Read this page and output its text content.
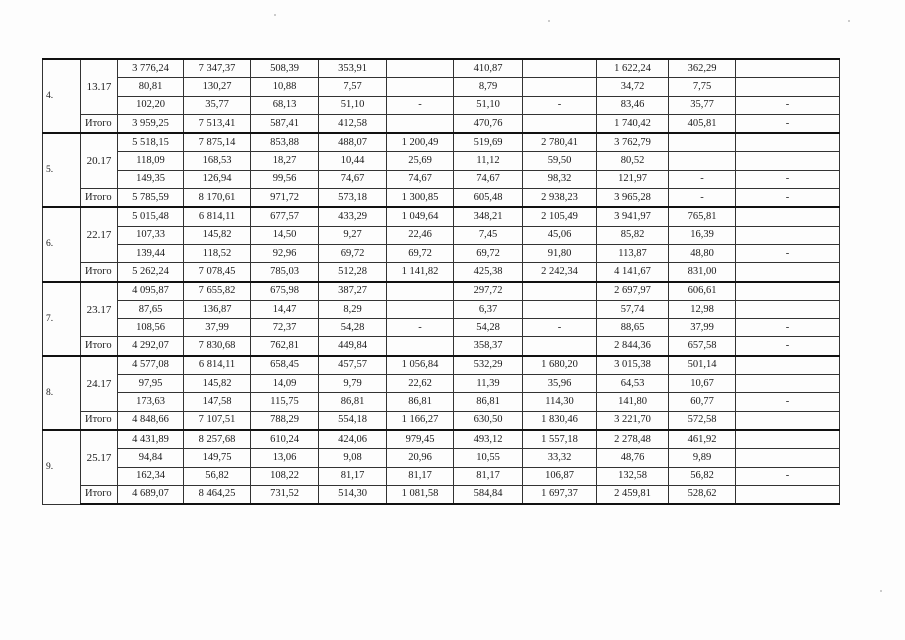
4.	13.17	3 776,24	7 347,37	508,39	353,91		410,87		1 622,24	362,29	
		80,81	130,27	10,88	7,57		8,79		34,72	7,75	
		102,20	35,77	68,13	51,10	-	51,10	-	83,46	35,77	-
	Итого	3 959,25	7 513,41	587,41	412,58		470,76		1 740,42	405,81	-
5.	20.17	5 518,15	7 875,14	853,88	488,07	1 200,49	519,69	2 780,41	3 762,79		
		118,09	168,53	18,27	10,44	25,69	11,12	59,50	80,52		
		149,35	126,94	99,56	74,67	74,67	74,67	98,32	121,97	-	-
	Итого	5 785,59	8 170,61	971,72	573,18	1 300,85	605,48	2 938,23	3 965,28	-	-
6.	22.17	5 015,48	6 814,11	677,57	433,29	1 049,64	348,21	2 105,49	3 941,97	765,81	
		107,33	145,82	14,50	9,27	22,46	7,45	45,06	85,82	16,39	
		139,44	118,52	92,96	69,72	69,72	69,72	91,80	113,87	48,80	-
	Итого	5 262,24	7 078,45	785,03	512,28	1 141,82	425,38	2 242,34	4 141,67	831,00	
7.	23.17	4 095,87	7 655,82	675,98	387,27		297,72		2 697,97	606,61	
		87,65	136,87	14,47	8,29		6,37		57,74	12,98	
		108,56	37,99	72,37	54,28	-	54,28	-	88,65	37,99	-
	Итого	4 292,07	7 830,68	762,81	449,84		358,37		2 844,36	657,58	-
8.	24.17	4 577,08	6 814,11	658,45	457,57	1 056,84	532,29	1 680,20	3 015,38	501,14	
		97,95	145,82	14,09	9,79	22,62	11,39	35,96	64,53	10,67	
		173,63	147,58	115,75	86,81	86,81	86,81	114,30	141,80	60,77	-
	Итого	4 848,66	7 107,51	788,29	554,18	1 166,27	630,50	1 830,46	3 221,70	572,58	
9.	25.17	4 431,89	8 257,68	610,24	424,06	979,45	493,12	1 557,18	2 278,48	461,92	
		94,84	149,75	13,06	9,08	20,96	10,55	33,32	48,76	9,89	
		162,34	56,82	108,22	81,17	81,17	81,17	106,87	132,58	56,82	-
	Итого	4 689,07	8 464,25	731,52	514,30	1 081,58	584,84	1 697,37	2 459,81	528,62	
